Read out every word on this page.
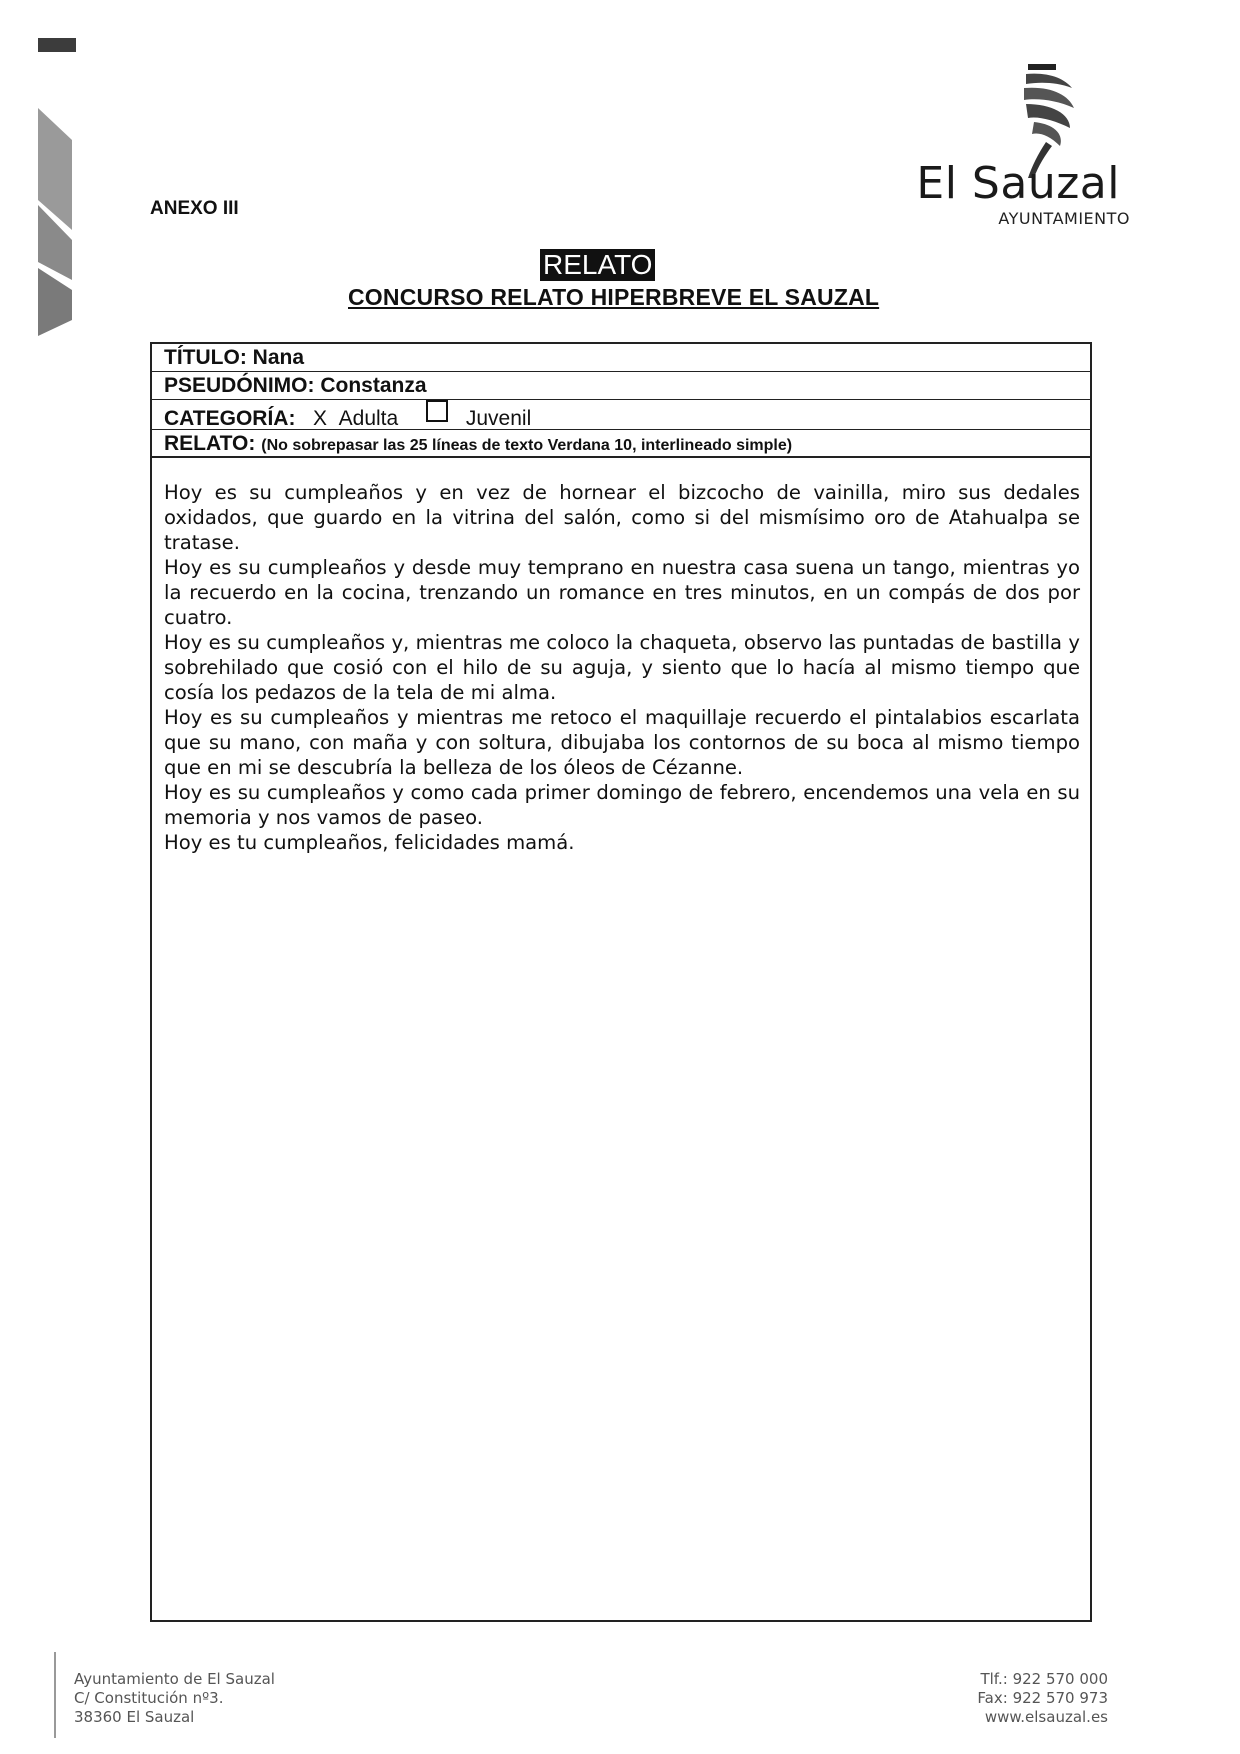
El Sauzal
AYUNTAMIENTO
ANEXO III
RELATO
CONCURSO RELATO HIPERBREVE EL SAUZAL
TÍTULO: Nana
PSEUDÓNIMO: Constanza
CATEGORÍA: X Adulta	Juvenil
RELATO: (No sobrepasar las 25 líneas de texto Verdana 10, interlineado simple)

Hoy es su cumpleaños y en vez de hornear el bizcocho de vainilla, miro sus dedales oxidados, que guardo en la vitrina del salón, como si del mismísimo oro de Atahualpa se tratase.

Hoy es su cumpleaños y desde muy temprano en nuestra casa suena un tango, mientras yo la recuerdo en la cocina, trenzando un romance en tres minutos, en un compás de dos por cuatro.

Hoy es su cumpleaños y, mientras me coloco la chaqueta, observo las puntadas de bastilla y sobrehilado que cosió con el hilo de su aguja, y siento que lo hacía al mismo tiempo que cosía los pedazos de la tela de mi alma.

Hoy es su cumpleaños y mientras me retoco el maquillaje recuerdo el pintalabios escarlata que su mano, con maña y con soltura, dibujaba los contornos de su boca al mismo tiempo que en mi se descubría la belleza de los óleos de Cézanne.

Hoy es su cumpleaños y como cada primer domingo de febrero, encendemos una vela en su memoria y nos vamos de paseo.

Hoy es tu cumpleaños, felicidades mamá.

Ayuntamiento de El Sauzal
C/ Constitución nº3.
38360 El Sauzal
Tlf.: 922 570 000
Fax: 922 570 973
www.elsauzal.es
